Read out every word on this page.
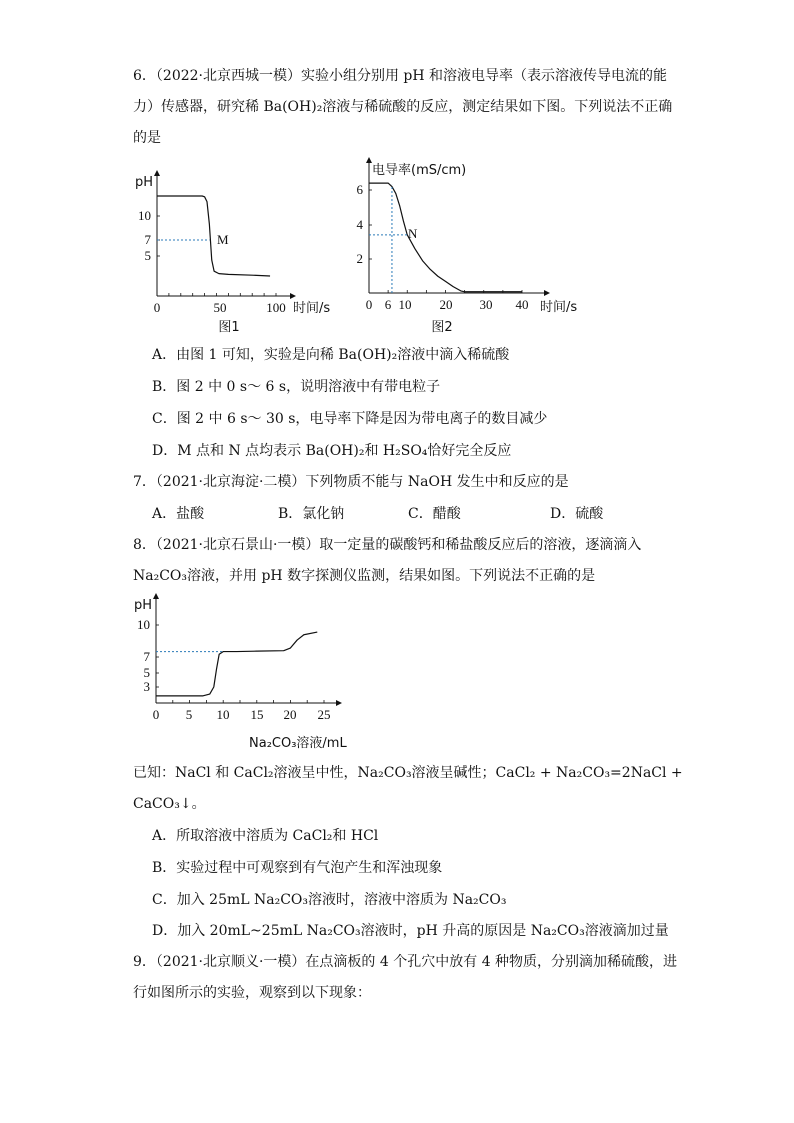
6．（2022·北京西城一模）实验小组分别用 pH 和溶液电导率（表示溶液传导电流的能
力）传感器，研究稀 Ba(OH)₂溶液与稀硫酸的反应，测定结果如下图。下列说法不正确
的是
0	50	100
5
7
10
pH
时间/s
图1
M
0 6 10 20 30 40
2
4
6
电导率(mS/cm)
时间/s
图2
N
A．由图 1 可知，实验是向稀 Ba(OH)₂溶液中滴入稀硫酸
B．图 2 中 0 s～ 6 s，说明溶液中有带电粒子
C．图 2 中 6 s～ 30 s，电导率下降是因为带电离子的数目减少
D．M 点和 N 点均表示 Ba(OH)₂和 H₂SO₄恰好完全反应
7．（2021·北京海淀·二模）下列物质不能与 NaOH 发生中和反应的是
A．盐酸	B．氯化钠	C．醋酸	D．硫酸
8．（2021·北京石景山·一模）取一定量的碳酸钙和稀盐酸反应后的溶液，逐滴滴入
Na₂CO₃溶液，并用 pH 数字探测仪监测，结果如图。下列说法不正确的是
0 5 10 15 20 25
3
5
7
10
pH
Na₂CO₃溶液/mL
已知：NaCl 和 CaCl₂溶液呈中性，Na₂CO₃溶液呈碱性；CaCl₂ + Na₂CO₃=2NaCl +
CaCO₃↓。
A．所取溶液中溶质为 CaCl₂和 HCl
B．实验过程中可观察到有气泡产生和浑浊现象
C．加入 25mL Na₂CO₃溶液时，溶液中溶质为 Na₂CO₃
D．加入 20mL~25mL Na₂CO₃溶液时，pH 升高的原因是 Na₂CO₃溶液滴加过量
9．（2021·北京顺义·一模）在点滴板的 4 个孔穴中放有 4 种物质，分别滴加稀硫酸，进
行如图所示的实验，观察到以下现象：
